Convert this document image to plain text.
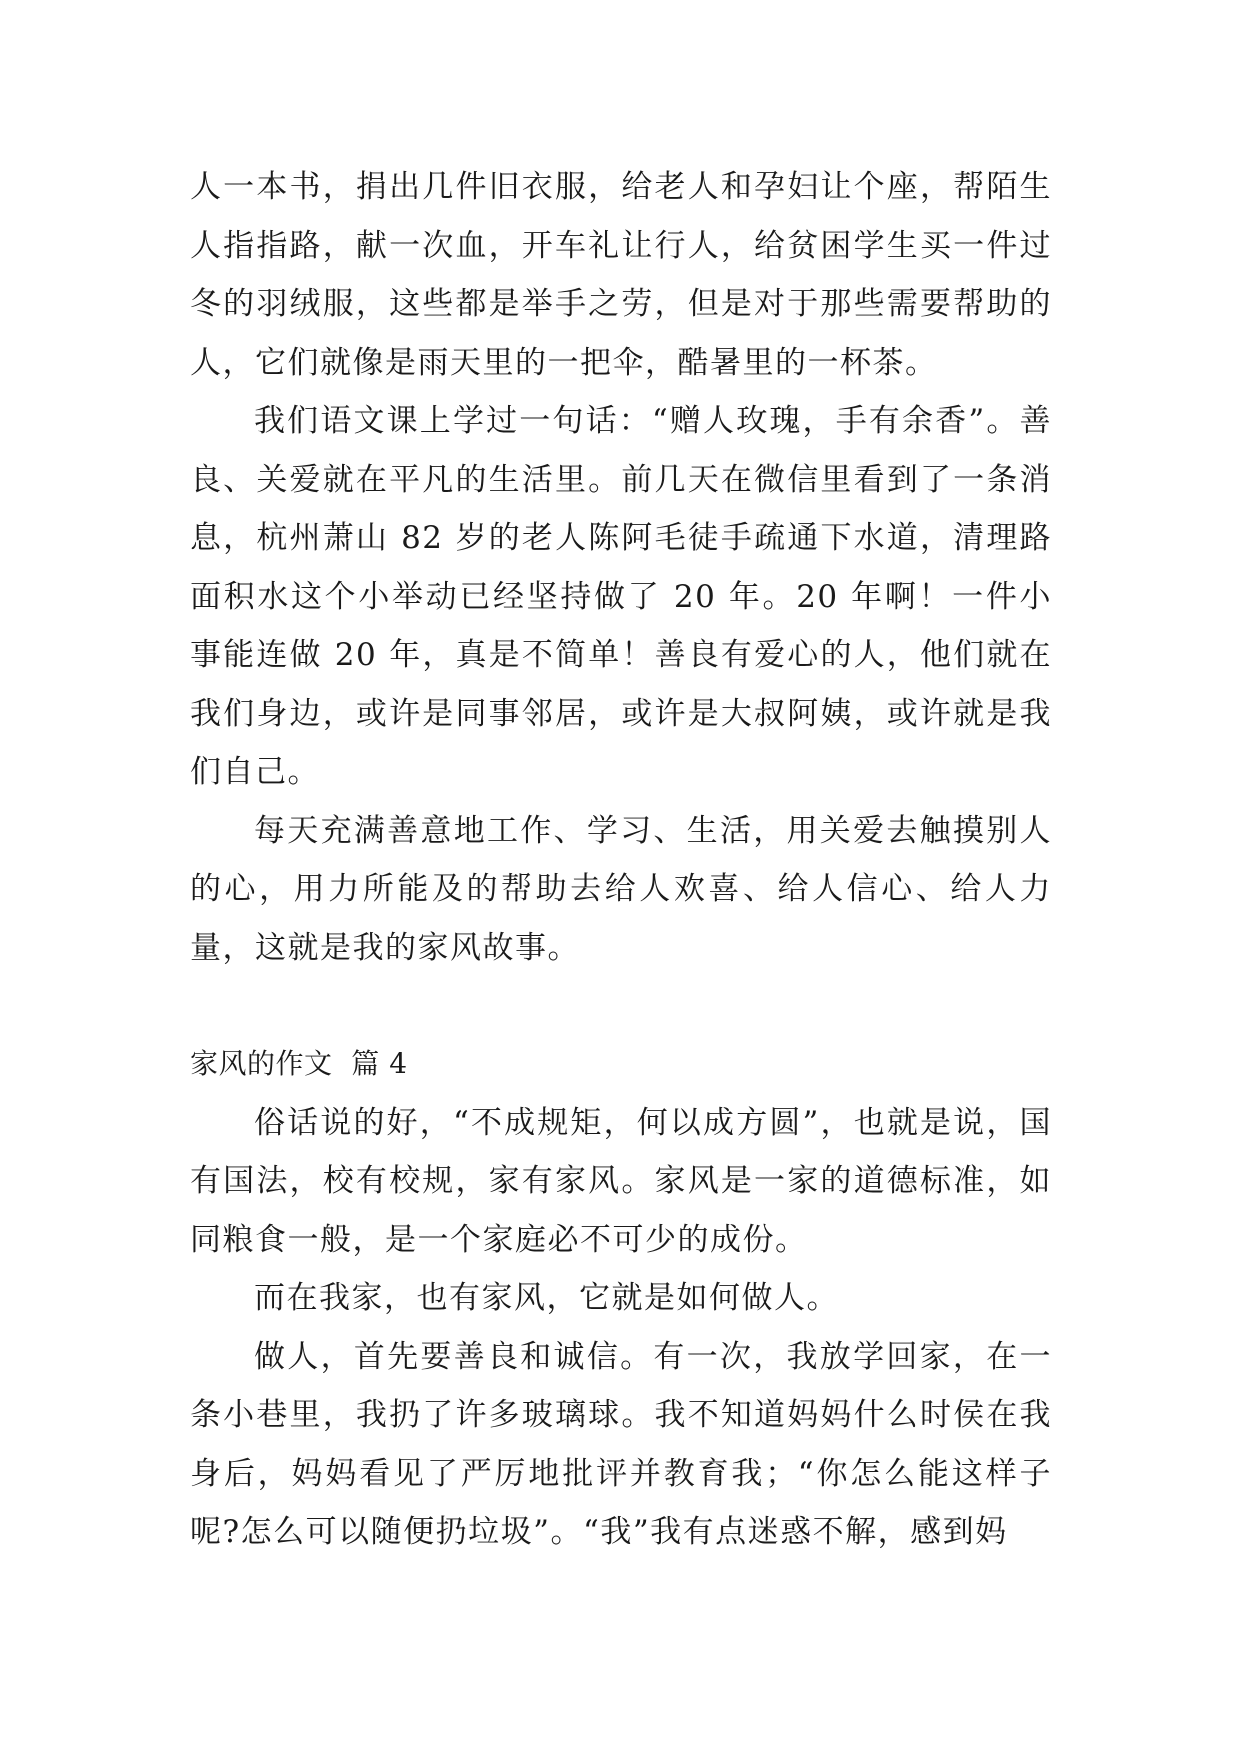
人一本书，捐出几件旧衣服，给老人和孕妇让个座，帮陌生人指指路，献一次血，开车礼让行人，给贫困学生买一件过冬的羽绒服，这些都是举手之劳，但是对于那些需要帮助的人，它们就像是雨天里的一把伞，酷暑里的一杯茶。

我们语文课上学过一句话：“赠人玫瑰，手有余香”。善良、关爱就在平凡的生活里。前几天在微信里看到了一条消息，杭州萧山 82 岁的老人陈阿毛徒手疏通下水道，清理路面积水这个小举动已经坚持做了 20 年。20 年啊！一件小事能连做 20 年，真是不简单！善良有爱心的人，他们就在我们身边，或许是同事邻居，或许是大叔阿姨，或许就是我们自己。

每天充满善意地工作、学习、生活，用关爱去触摸别人的心，用力所能及的帮助去给人欢喜、给人信心、给人力量，这就是我的家风故事。

家风的作文  篇 4

俗话说的好，“不成规矩，何以成方圆”，也就是说，国有国法，校有校规，家有家风。家风是一家的道德标准，如同粮食一般，是一个家庭必不可少的成份。

而在我家，也有家风，它就是如何做人。

做人，首先要善良和诚信。有一次，我放学回家，在一条小巷里，我扔了许多玻璃球。我不知道妈妈什么时侯在我身后，妈妈看见了严厉地批评并教育我；“你怎么能这样子呢?怎么可以随便扔垃圾”。“我”我有点迷惑不解，感到妈
